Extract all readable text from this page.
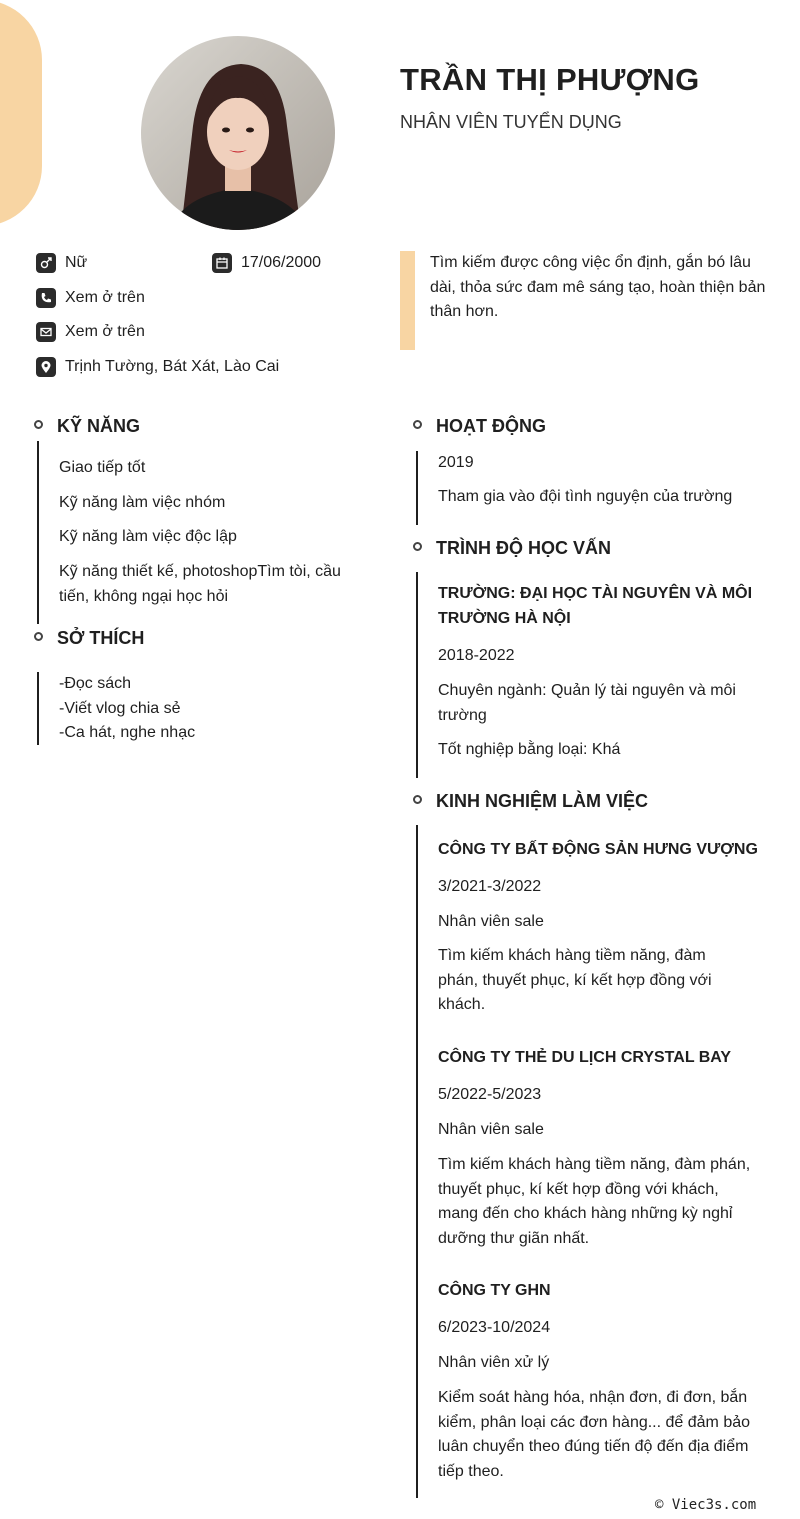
TRẦN THỊ PHƯỢNG
NHÂN VIÊN TUYỂN DỤNG
Nữ	17/06/2000
Xem ở trên
Xem ở trên
Trịnh Tường, Bát Xát, Lào Cai
Tìm kiếm được công việc ổn định, gắn bó lâu dài, thỏa sức đam mê sáng tạo, hoàn thiện bản thân hơn.
KỸ NĂNG
Giao tiếp tốt
Kỹ năng làm việc nhóm
Kỹ năng làm việc độc lập
Kỹ năng thiết kế, photoshopTìm tòi, cầu tiến, không ngại học hỏi
SỞ THÍCH
-Đọc sách
-Viết vlog chia sẻ
-Ca hát, nghe nhạc
HOẠT ĐỘNG
2019
Tham gia vào đội tình nguyện của trường
TRÌNH ĐỘ HỌC VẤN
TRƯỜNG: ĐẠI HỌC TÀI NGUYÊN VÀ MÔI TRƯỜNG HÀ NỘI
2018-2022
Chuyên ngành: Quản lý tài nguyên và môi trường
Tốt nghiệp bằng loại: Khá
KINH NGHIỆM LÀM VIỆC
CÔNG TY BẤT ĐỘNG SẢN HƯNG VƯỢNG
3/2021-3/2022
Nhân viên sale
Tìm kiếm khách hàng tiềm năng, đàm phán, thuyết phục, kí kết hợp đồng với khách.
CÔNG TY THẺ DU LỊCH CRYSTAL BAY
5/2022-5/2023
Nhân viên sale
Tìm kiếm khách hàng tiềm năng, đàm phán, thuyết phục, kí kết hợp đồng với khách, mang đến cho khách hàng những kỳ nghỉ dưỡng thư giãn nhất.
CÔNG TY GHN
6/2023-10/2024
Nhân viên xử lý
Kiểm soát hàng hóa, nhận đơn, đi đơn, bắn kiểm, phân loại các đơn hàng... để đảm bảo luân chuyển theo đúng tiến độ đến địa điểm tiếp theo.
© Viec3s.com
